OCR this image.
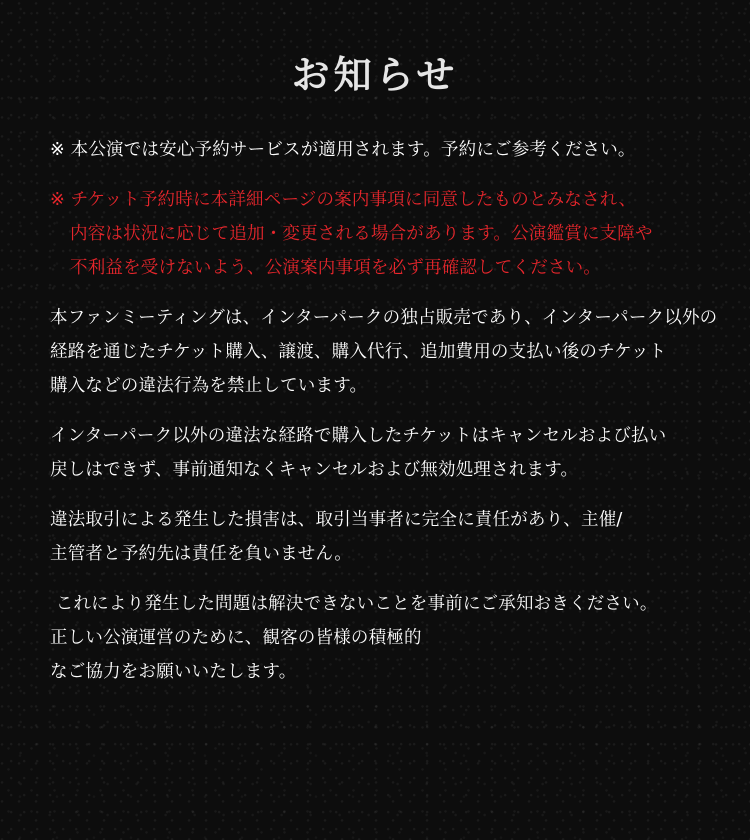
お知らせ

※ 本公演では安心予約サービスが適用されます。予約にご参考ください。

※ チケット予約時に本詳細ページの案内事項に同意したものとみなされ、
内容は状況に応じて追加・変更される場合があります。公演鑑賞に支障や
不利益を受けないよう、公演案内事項を必ず再確認してください。

本ファンミーティングは、インターパークの独占販売であり、インターパーク以外の
経路を通じたチケット購入、譲渡、購入代行、追加費用の支払い後のチケット
購入などの違法行為を禁止しています。

インターパーク以外の違法な経路で購入したチケットはキャンセルおよび払い
戻しはできず、事前通知なくキャンセルおよび無効処理されます。

違法取引による発生した損害は、取引当事者に完全に責任があり、主催/
主管者と予約先は責任を負いません。

これにより発生した問題は解決できないことを事前にご承知おきください。
正しい公演運営のために、観客の皆様の積極的
なご協力をお願いいたします。
